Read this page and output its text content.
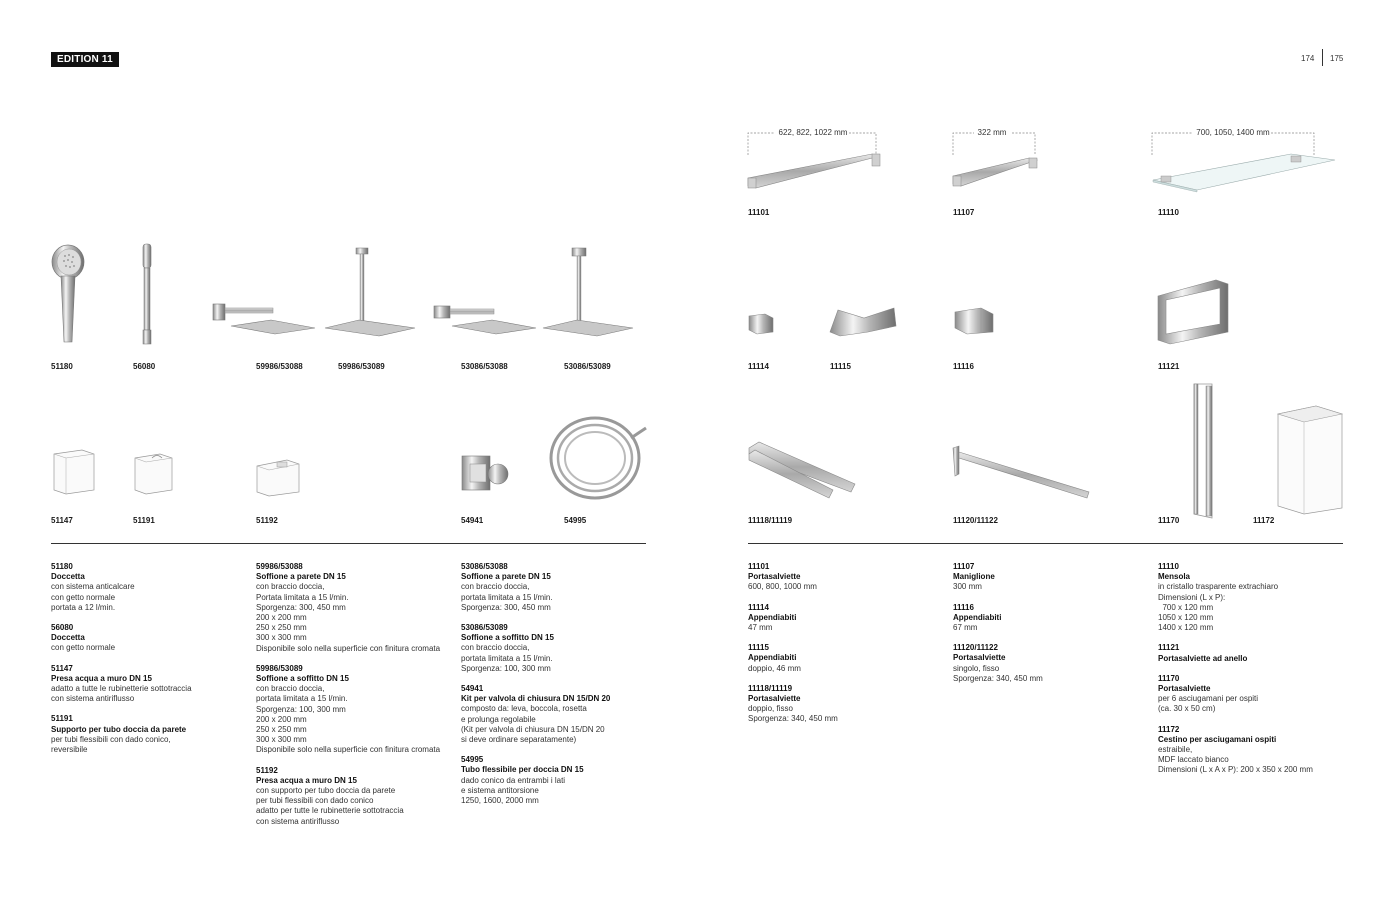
EDITION 11	174 175
51180	56080	59986/53088	59986/53089	53086/53088	53086/53089
51147	51191	51192	54941	54995
51180
Doccetta
con sistema anticalcare
con getto normale
portata a 12 l/min.
56080
Doccetta
con getto normale
51147
Presa acqua a muro DN 15
adatto a tutte le rubinetterie sottotraccia
con sistema antiriflusso
51191
Supporto per tubo doccia da parete
per tubi flessibili con dado conico,
reversibile
59986/53088
Soffione a parete DN 15
con braccio doccia,
Portata limitata a 15 l/min.
Sporgenza: 300, 450 mm
200 x 200 mm
250 x 250 mm
300 x 300 mm
Disponibile solo nella superficie con finitura cromata
59986/53089
Soffione a soffitto DN 15
con braccio doccia,
portata limitata a 15 l/min.
Sporgenza: 100, 300 mm
200 x 200 mm
250 x 250 mm
300 x 300 mm
Disponibile solo nella superficie con finitura cromata
51192
Presa acqua a muro DN 15
con supporto per tubo doccia da parete
per tubi flessibili con dado conico
adatto per tutte le rubinetterie sottotraccia
con sistema antiriflusso
53086/53088
Soffione a parete DN 15
con braccio doccia,
portata limitata a 15 l/min.
Sporgenza: 300, 450 mm
53086/53089
Soffione a soffitto DN 15
con braccio doccia,
portata limitata a 15 l/min.
Sporgenza: 100, 300 mm
54941
Kit per valvola di chiusura DN 15/DN 20
composto da: leva, boccola, rosetta
e prolunga regolabile
(Kit per valvola di chiusura DN 15/DN 20
si deve ordinare separatamente)
54995
Tubo flessibile per doccia DN 15
dado conico da entrambi i lati
e sistema antitorsione
1250, 1600, 2000 mm
622, 822, 1022 mm	322 mm	700, 1050, 1400 mm
11101	11107	11110
11114	11115	11116	11121
11118/11119	11120/11122	11170	11172
11101
Portasalviette
600, 800, 1000 mm
11114
Appendiabiti
47 mm
11115
Appendiabiti
doppio, 46 mm
11118/11119
Portasalviette
doppio, fisso
Sporgenza: 340, 450 mm
11107
Maniglione
300 mm
11116
Appendiabiti
67 mm
11120/11122
Portasalviette
singolo, fisso
Sporgenza: 340, 450 mm
11110
Mensola
in cristallo trasparente extrachiaro
Dimensioni (L x P):
700 x 120 mm
1050 x 120 mm
1400 x 120 mm
11121
Portasalviette ad anello
11170
Portasalviette
per 6 asciugamani per ospiti
(ca. 30 x 50 cm)
11172
Cestino per asciugamani ospiti
estraibile,
MDF laccato bianco
Dimensioni (L x A x P): 200 x 350 x 200 mm
